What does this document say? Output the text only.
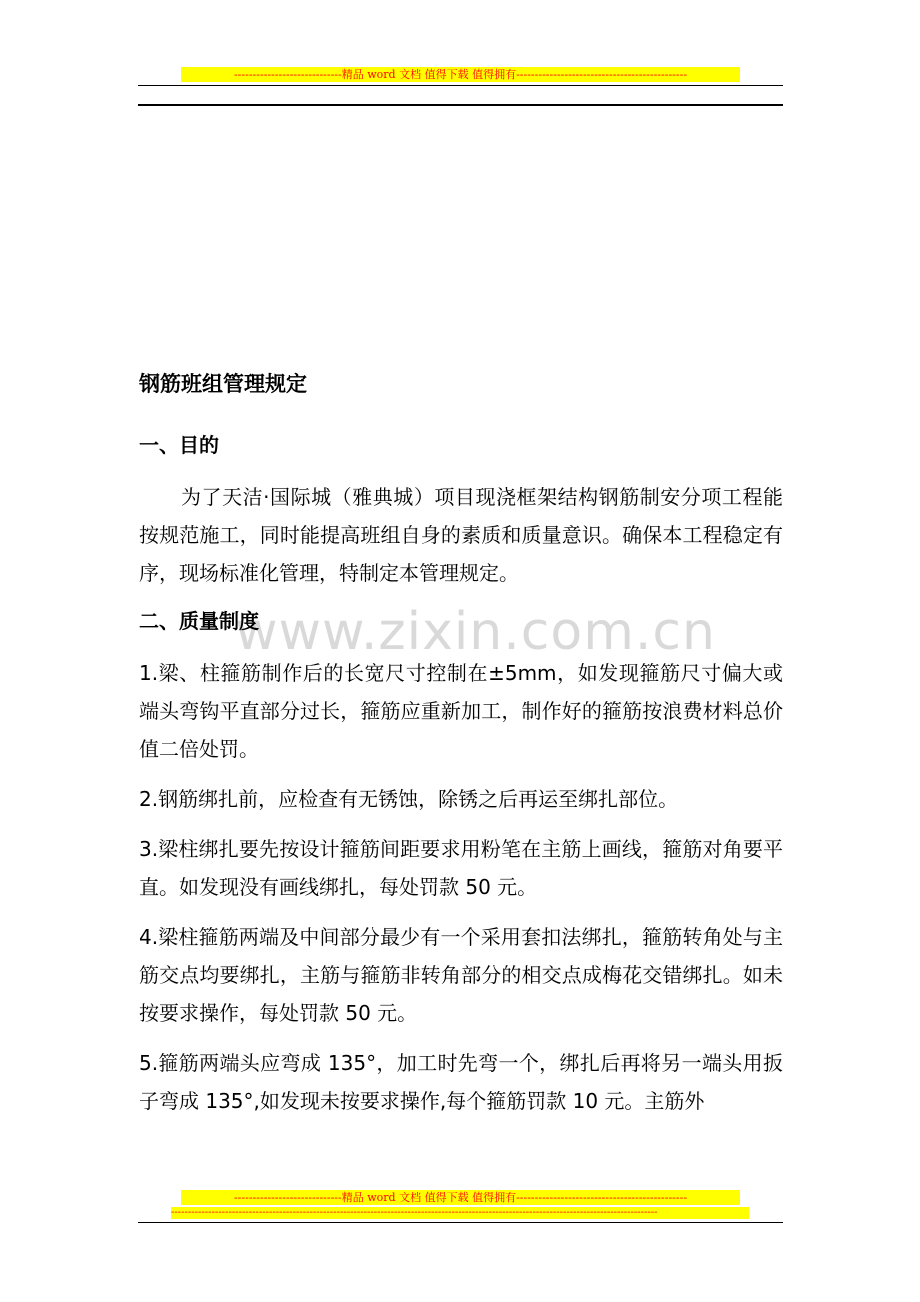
-----------------------------精品 word 文档 值得下载 值得拥有----------------------------------------------
www.zixin.com.cn
钢筋班组管理规定
一、目的
为了天洁·国际城（雅典城）项目现浇框架结构钢筋制安分项工程能按规范施工，同时能提高班组自身的素质和质量意识。确保本工程稳定有序，现场标准化管理，特制定本管理规定。
二、质量制度
1.梁、柱箍筋制作后的长宽尺寸控制在±5mm，如发现箍筋尺寸偏大或端头弯钩平直部分过长，箍筋应重新加工，制作好的箍筋按浪费材料总价值二倍处罚。
2.钢筋绑扎前，应检查有无锈蚀，除锈之后再运至绑扎部位。
3.梁柱绑扎要先按设计箍筋间距要求用粉笔在主筋上画线，箍筋对角要平直。如发现没有画线绑扎，每处罚款 50 元。
4.梁柱箍筋两端及中间部分最少有一个采用套扣法绑扎，箍筋转角处与主筋交点均要绑扎，主筋与箍筋非转角部分的相交点成梅花交错绑扎。如未按要求操作，每处罚款 50 元。
5.箍筋两端头应弯成 135°，加工时先弯一个，绑扎后再将另一端头用扳子弯成 135°,如发现未按要求操作,每个箍筋罚款 10 元。主筋外
-----------------------------精品 word 文档 值得下载 值得拥有----------------------------------------------
------------------------------------------------------------------------------------------------------------------------------------------------
